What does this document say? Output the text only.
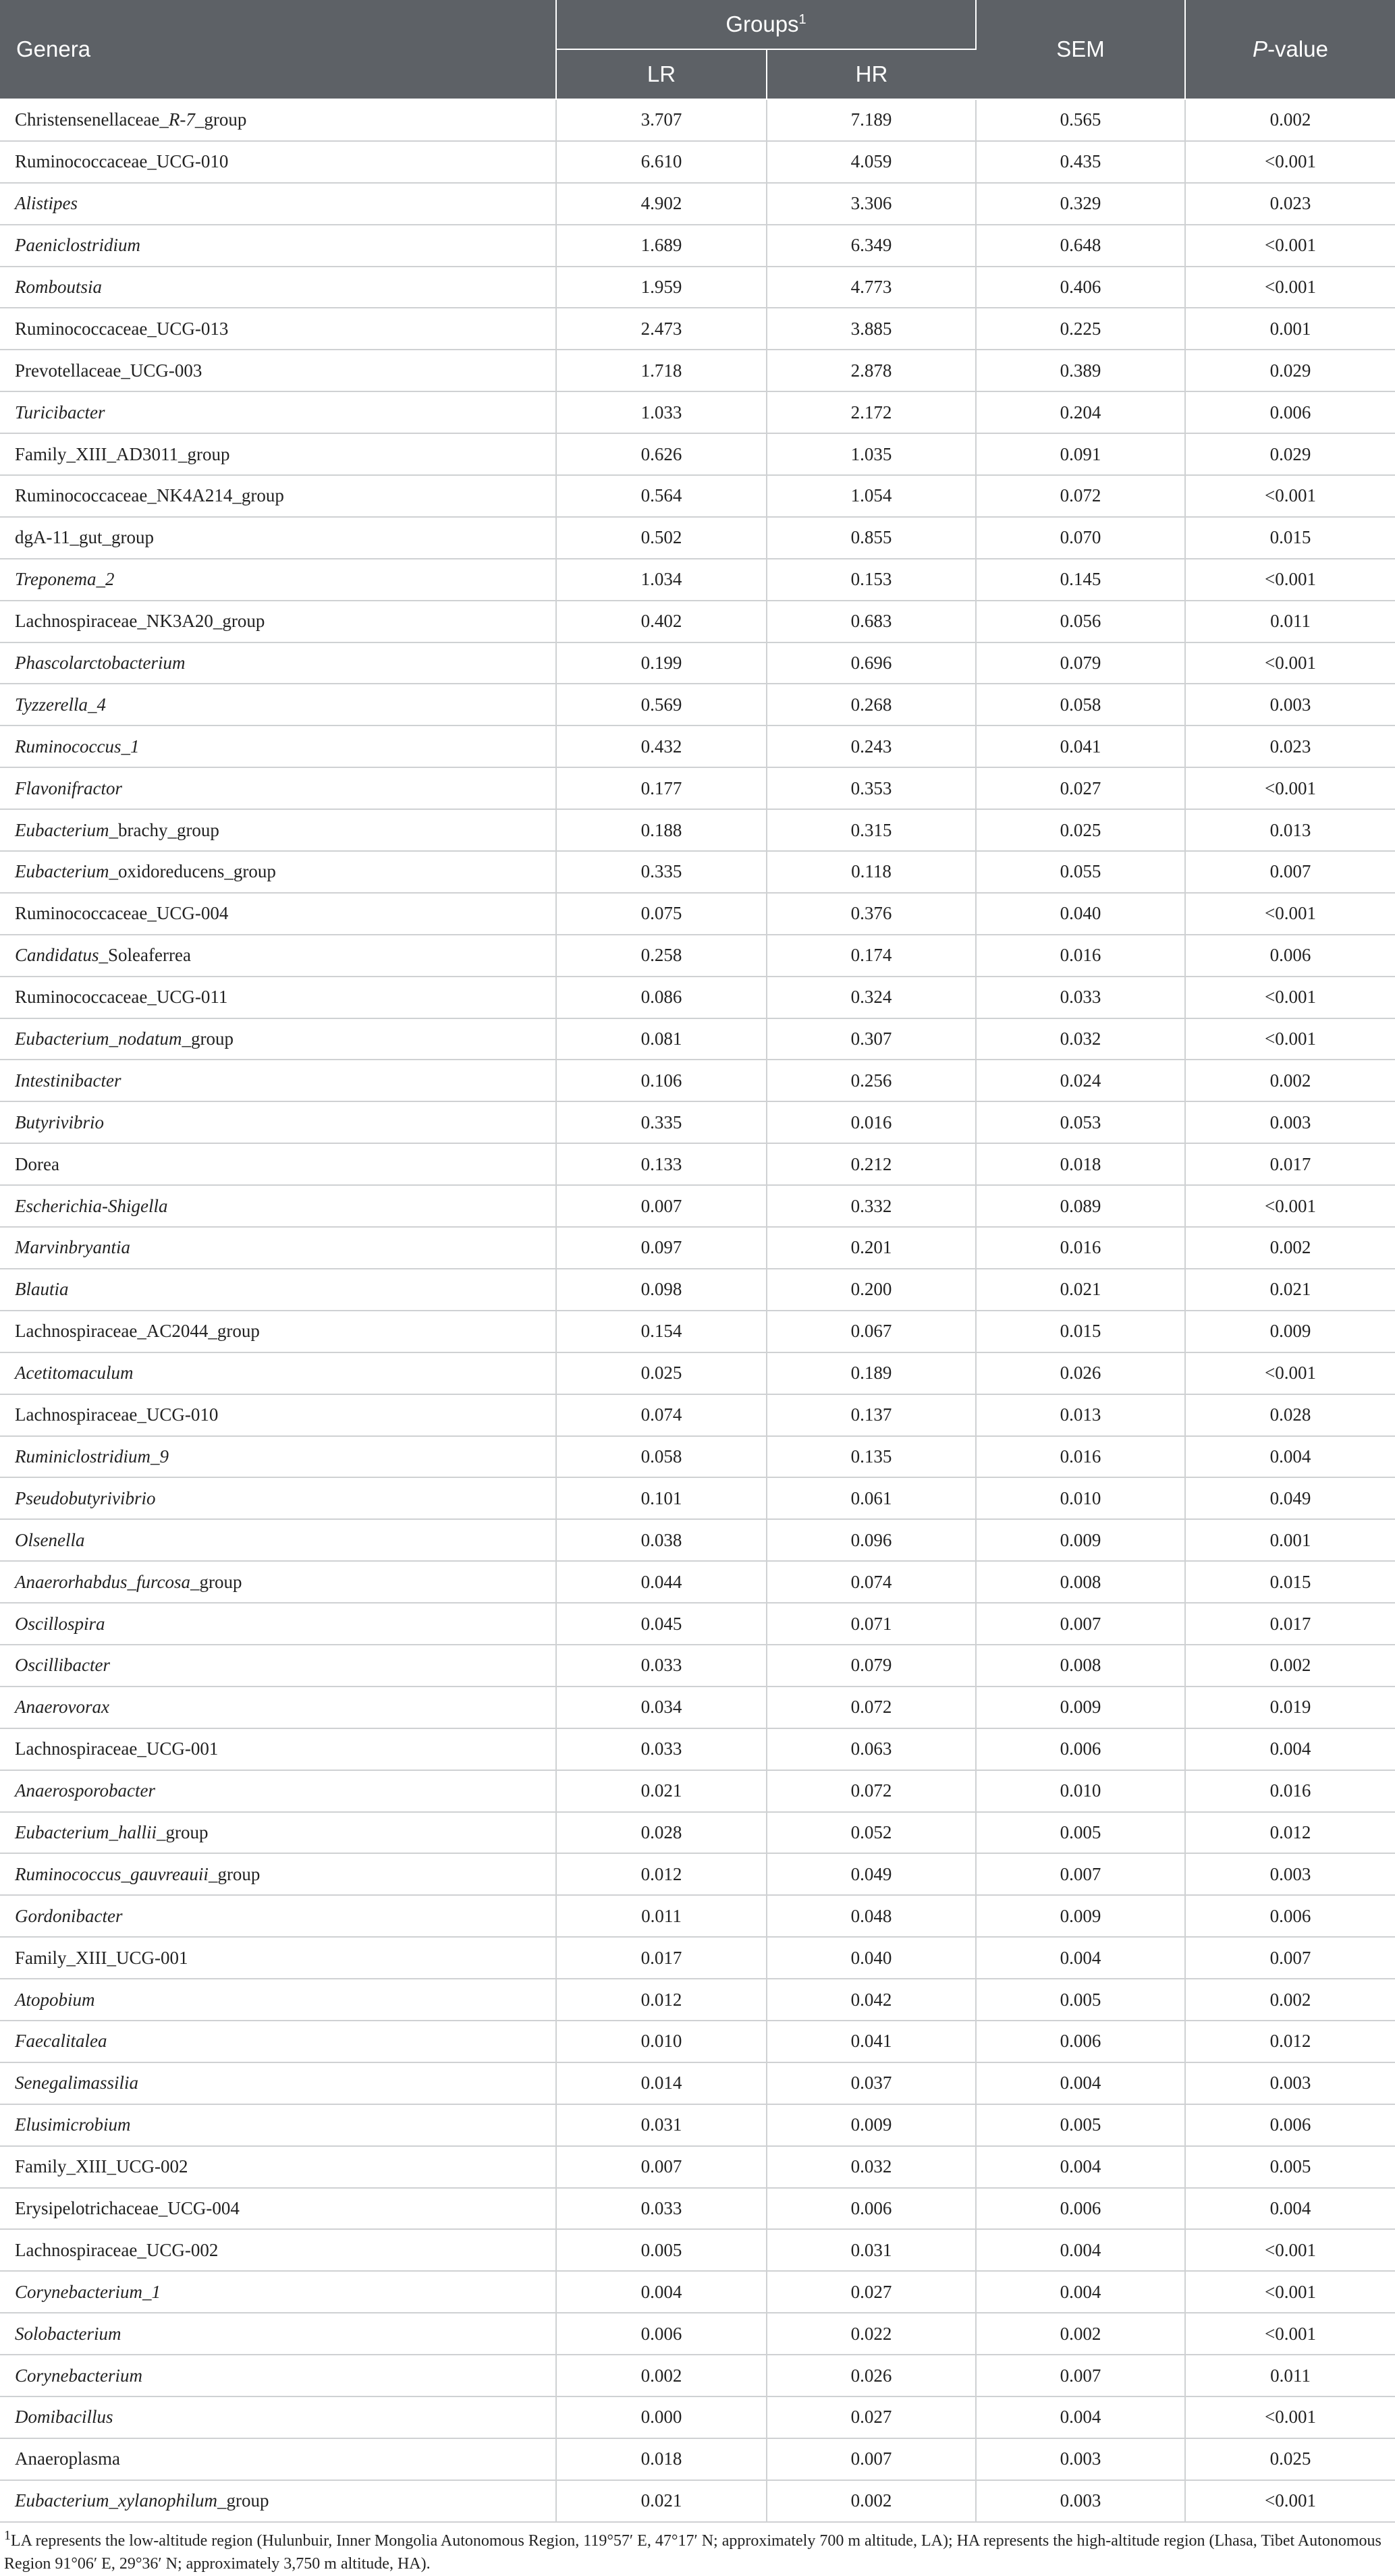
Genera	Groups$^1$		SEM	P-value
	LR	HR		
Christensenellaceae_R-7_group	3.707	7.189	0.565	0.002
Ruminococcaceae_UCG-010	6.610	4.059	0.435	<0.001
Alistipes	4.902	3.306	0.329	0.023
Paeniclostridium	1.689	6.349	0.648	<0.001
Romboutsia	1.959	4.773	0.406	<0.001
Ruminococcaceae_UCG-013	2.473	3.885	0.225	0.001
Prevotellaceae_UCG-003	1.718	2.878	0.389	0.029
Turicibacter	1.033	2.172	0.204	0.006
Family_XIII_AD3011_group	0.626	1.035	0.091	0.029
Ruminococcaceae_NK4A214_group	0.564	1.054	0.072	<0.001
dgA-11_gut_group	0.502	0.855	0.070	0.015
Treponema_2	1.034	0.153	0.145	<0.001
Lachnospiraceae_NK3A20_group	0.402	0.683	0.056	0.011
Phascolarctobacterium	0.199	0.696	0.079	<0.001
Tyzzerella_4	0.569	0.268	0.058	0.003
Ruminococcus_1	0.432	0.243	0.041	0.023
Flavonifractor	0.177	0.353	0.027	<0.001
Eubacterium_brachy_group	0.188	0.315	0.025	0.013
Eubacterium_oxidoreducens_group	0.335	0.118	0.055	0.007
Ruminococcaceae_UCG-004	0.075	0.376	0.040	<0.001
Candidatus_Soleaferrea	0.258	0.174	0.016	0.006
Ruminococcaceae_UCG-011	0.086	0.324	0.033	<0.001
Eubacterium_nodatum_group	0.081	0.307	0.032	<0.001
Intestinibacter	0.106	0.256	0.024	0.002
Butyrivibrio	0.335	0.016	0.053	0.003
Dorea	0.133	0.212	0.018	0.017
Escherichia-Shigella	0.007	0.332	0.089	<0.001
Marvinbryantia	0.097	0.201	0.016	0.002
Blautia	0.098	0.200	0.021	0.021
Lachnospiraceae_AC2044_group	0.154	0.067	0.015	0.009
Acetitomaculum	0.025	0.189	0.026	<0.001
Lachnospiraceae_UCG-010	0.074	0.137	0.013	0.028
Ruminiclostridium_9	0.058	0.135	0.016	0.004
Pseudobutyrivibrio	0.101	0.061	0.010	0.049
Olsenella	0.038	0.096	0.009	0.001
Anaerorhabdus_furcosa_group	0.044	0.074	0.008	0.015
Oscillospira	0.045	0.071	0.007	0.017
Oscillibacter	0.033	0.079	0.008	0.002
Anaerovorax	0.034	0.072	0.009	0.019
Lachnospiraceae_UCG-001	0.033	0.063	0.006	0.004
Anaerosporobacter	0.021	0.072	0.010	0.016
Eubacterium_hallii_group	0.028	0.052	0.005	0.012
Ruminococcus_gauvreauii_group	0.012	0.049	0.007	0.003
Gordonibacter	0.011	0.048	0.009	0.006
Family_XIII_UCG-001	0.017	0.040	0.004	0.007
Atopobium	0.012	0.042	0.005	0.002
Faecalitalea	0.010	0.041	0.006	0.012
Senegalimassilia	0.014	0.037	0.004	0.003
Elusimicrobium	0.031	0.009	0.005	0.006
Family_XIII_UCG-002	0.007	0.032	0.004	0.005
Erysipelotrichaceae_UCG-004	0.033	0.006	0.006	0.004
Lachnospiraceae_UCG-002	0.005	0.031	0.004	<0.001
Corynebacterium_1	0.004	0.027	0.004	<0.001
Solobacterium	0.006	0.022	0.002	<0.001
Corynebacterium	0.002	0.026	0.007	0.011
Domibacillus	0.000	0.027	0.004	<0.001
Anaeroplasma	0.018	0.007	0.003	0.025
Eubacterium_xylanophilum_group	0.021	0.002	0.003	<0.001
$^1$LA represents the low-altitude region (Hulunbuir, Inner Mongolia Autonomous Region, 119°57′ E, 47°17′ N; approximately 700 m altitude, LA); HA represents the high-altitude region (Lhasa, Tibet Autonomous Region 91°06′ E, 29°36′ N; approximately 3,750 m altitude, HA).
